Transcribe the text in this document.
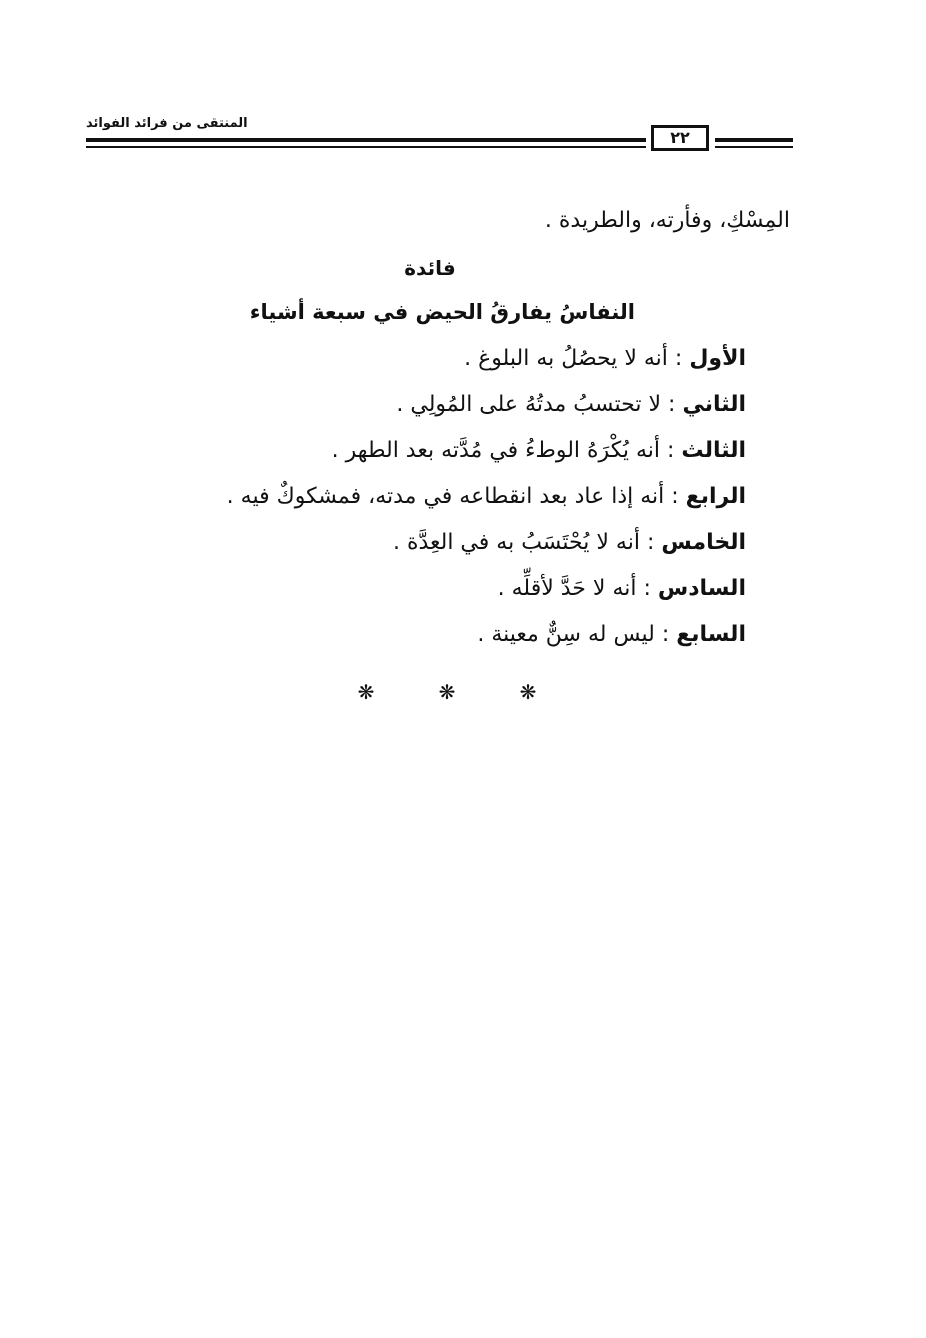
المنتقى من فرائد الفوائد
٢٢
المِسْكِ، وفأرته، والطريدة .
فائدة
النفاسُ يفارقُ الحيض في سبعة أشياء
الأول : أنه لا يحصُلُ به البلوغ .
الثاني : لا تحتسبُ مدتُهُ على المُولِي .
الثالث : أنه يُكْرَهُ الوطءُ في مُدَّته بعد الطهر .
الرابع : أنه إذا عاد بعد انقطاعه في مدته، فمشكوكٌ فيه .
الخامس : أنه لا يُحْتَسَبُ به في العِدَّة .
السادس : أنه لا حَدَّ لأقلِّه .
السابع : ليس له سِنٌّ معينة .
❋	❋	❋
